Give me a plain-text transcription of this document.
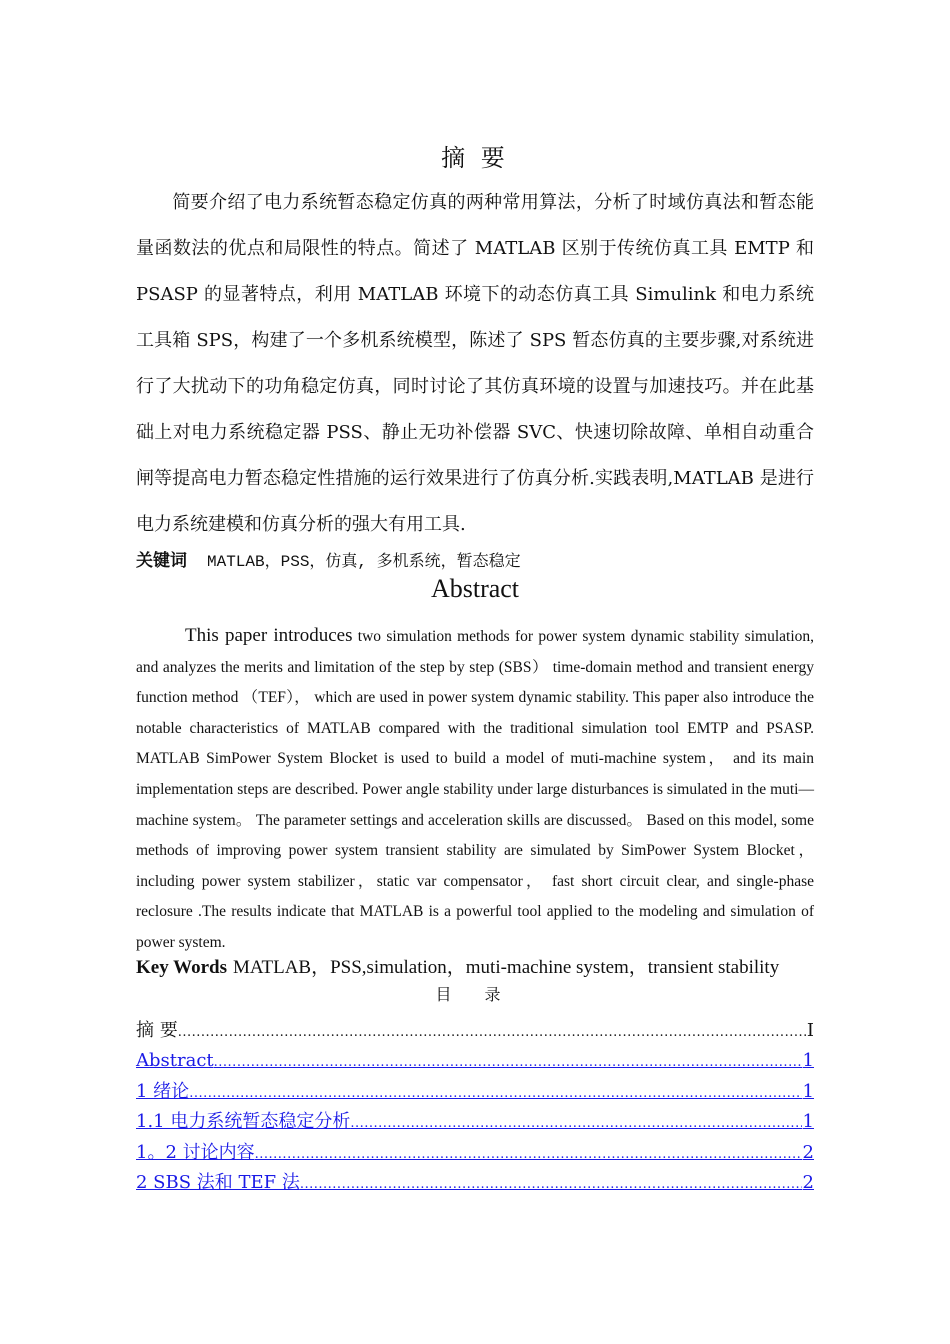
摘 要

简要介绍了电力系统暂态稳定仿真的两种常用算法，分析了时域仿真法和暂态能量函数法的优点和局限性的特点。简述了 MATLAB 区别于传统仿真工具 EMTP 和 PSASP 的显著特点，利用 MATLAB 环境下的动态仿真工具 Simulink 和电力系统工具箱 SPS，构建了一个多机系统模型，陈述了 SPS 暂态仿真的主要步骤,对系统进行了大扰动下的功角稳定仿真，同时讨论了其仿真环境的设置与加速技巧。并在此基础上对电力系统稳定器 PSS、静止无功补偿器 SVC、快速切除故障、单相自动重合闸等提高电力暂态稳定性措施的运行效果进行了仿真分析.实践表明,MATLAB 是进行电力系统建模和仿真分析的强大有用工具.

关键词 MATLAB，PSS，仿真, 多机系统，暂态稳定
Abstract

This paper introduces two simulation methods for power system dynamic stability simulation, and analyzes the merits and limitation of the step by step (SBS） time-domain method and transient energy function method （TEF）， which are used in power system dynamic stability. This paper also introduce the notable characteristics of MATLAB compared with the traditional simulation tool EMTP and PSASP. MATLAB SimPower System Blocket is used to build a model of muti-machine system， and its main implementation steps are described. Power angle stability under large disturbances is simulated in the muti—machine system。 The parameter settings and acceleration skills are discussed。 Based on this model, some methods of improving power system transient stability are simulated by SimPower System Blocket， including power system stabilizer，static var compensator， fast short circuit clear, and single-phase reclosure .The results indicate that MATLAB is a powerful tool applied to the modeling and simulation of power system.

Key Words MATLAB，PSS,simulation，muti-machine system，transient stability
目 录
摘 要 .....	I
Abstract .....	1
1 绪论 .....	1
1.1 电力系统暂态稳定分析 .....	1
1。2 讨论内容 .....	2
2 SBS 法和 TEF 法 .....	2
